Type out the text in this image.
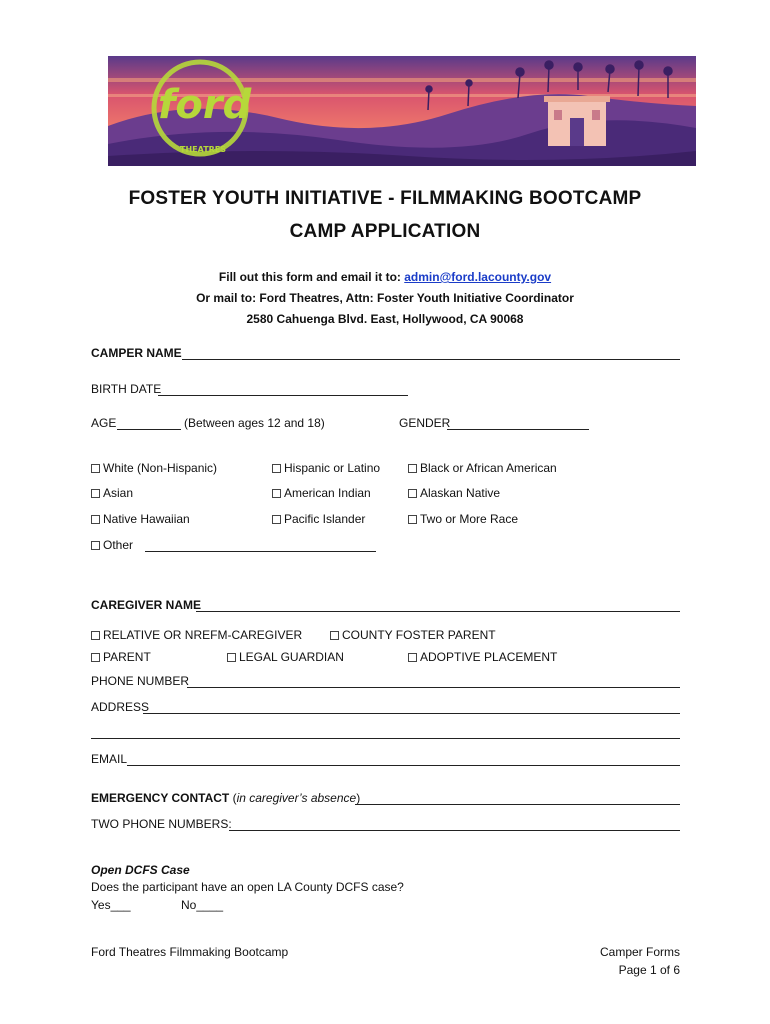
ford
THEATRES
FOSTER YOUTH INITIATIVE - FILMMAKING BOOTCAMP
CAMP APPLICATION
Fill out this form and email it to: admin@ford.lacounty.gov
Or mail to: Ford Theatres, Attn: Foster Youth Initiative Coordinator
2580 Cahuenga Blvd. East, Hollywood, CA 90068
CAMPER NAME
BIRTH DATE
AGE	(Between ages 12 and 18)	GENDER
White (Non-Hispanic)	Hispanic or Latino	Black or African American
Asian	American Indian	Alaskan Native
Native Hawaiian	Pacific Islander	Two or More Race
Other
CAREGIVER NAME
RELATIVE OR NREFM-CAREGIVER	COUNTY FOSTER PARENT
PARENT	LEGAL GUARDIAN	ADOPTIVE PLACEMENT
PHONE NUMBER
ADDRESS
EMAIL
EMERGENCY CONTACT (in caregiver’s absence)
TWO PHONE NUMBERS:
Open DCFS Case
Does the participant have an open LA County DCFS case?
Yes___	No____
Ford Theatres Filmmaking Bootcamp	Camper Forms
Page 1 of 6
